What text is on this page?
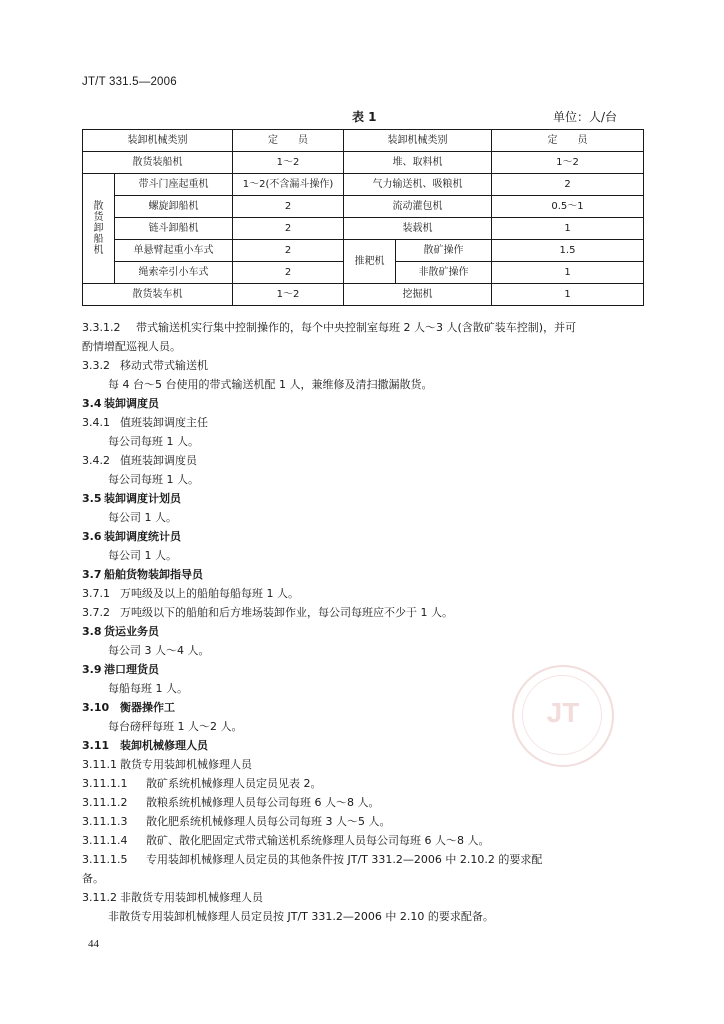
JT/T 331.5—2006
表 1	单位：人/台
装卸机械类别		定　　员	装卸机械类别		定　　员
散货装船机		1～2	堆、取料机		1～2
散
货
卸
船
机	带斗门座起重机	1～2(不含漏斗操作)	气力输送机、吸粮机		2
	螺旋卸船机	2	流动灌包机		0.5～1
	链斗卸船机	2	装载机		1
	单悬臂起重小车式	2	推耙机	散矿操作	1.5
	绳索牵引小车式	2		非散矿操作	1
散货装车机		1～2	挖掘机		1
3.3.1.2 带式输送机实行集中控制操作的，每个中央控制室每班 2 人～3 人(含散矿装车控制)，并可
酌情增配巡视人员。
3.3.2 移动式带式输送机
每 4 台～5 台使用的带式输送机配 1 人，兼维修及清扫撒漏散货。
3.4 装卸调度员
3.4.1 值班装卸调度主任
每公司每班 1 人。
3.4.2 值班装卸调度员
每公司每班 1 人。
3.5 装卸调度计划员
每公司 1 人。
3.6 装卸调度统计员
每公司 1 人。
3.7 船舶货物装卸指导员
3.7.1 万吨级及以上的船舶每船每班 1 人。
3.7.2 万吨级以下的船舶和后方堆场装卸作业，每公司每班应不少于 1 人。
3.8 货运业务员
每公司 3 人～4 人。
3.9 港口理货员
每船每班 1 人。
3.10 衡器操作工
每台磅秤每班 1 人～2 人。
3.11 装卸机械修理人员
3.11.1 散货专用装卸机械修理人员
3.11.1.1 散矿系统机械修理人员定员见表 2。
3.11.1.2 散粮系统机械修理人员每公司每班 6 人～8 人。
3.11.1.3 散化肥系统机械修理人员每公司每班 3 人～5 人。
3.11.1.4 散矿、散化肥固定式带式输送机系统修理人员每公司每班 6 人～8 人。
3.11.1.5 专用装卸机械修理人员定员的其他条件按 JT/T 331.2—2006 中 2.10.2 的要求配
备。
3.11.2 非散货专用装卸机械修理人员
非散货专用装卸机械修理人员定员按 JT/T 331.2—2006 中 2.10 的要求配备。
JT
44
